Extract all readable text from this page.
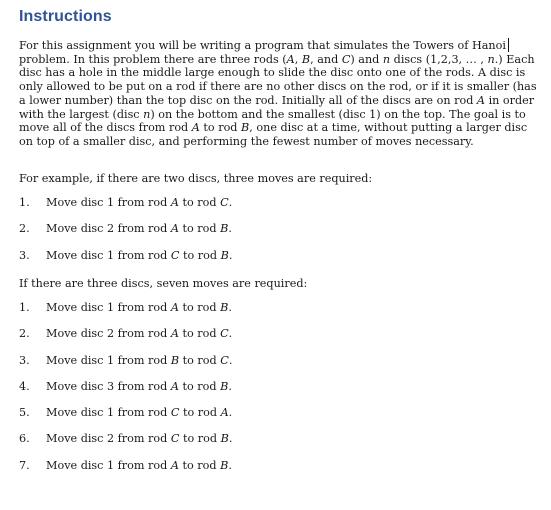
Instructions

For this assignment you will be writing a program that simulates the Towers of Hanoi problem. In this problem there are three rods (A, B, and C) and n discs (1,2,3, … , n.) Each disc has a hole in the middle large enough to slide the disc onto one of the rods. A disc is only allowed to be put on a rod if there are no other discs on the rod, or if it is smaller (has a lower number) than the top disc on the rod. Initially all of the discs are on rod A in order with the largest (disc n) on the bottom and the smallest (disc 1) on the top. The goal is to move all of the discs from rod A to rod B, one disc at a time, without putting a larger disc on top of a smaller disc, and performing the fewest number of moves necessary.

For example, if there are two discs, three moves are required:

1.	Move disc 1 from rod A to rod C.
2.	Move disc 2 from rod A to rod B.
3.	Move disc 1 from rod C to rod B.

If there are three discs, seven moves are required:

1.	Move disc 1 from rod A to rod B.
2.	Move disc 2 from rod A to rod C.
3.	Move disc 1 from rod B to rod C.
4.	Move disc 3 from rod A to rod B.
5.	Move disc 1 from rod C to rod A.
6.	Move disc 2 from rod C to rod B.
7.	Move disc 1 from rod A to rod B.
